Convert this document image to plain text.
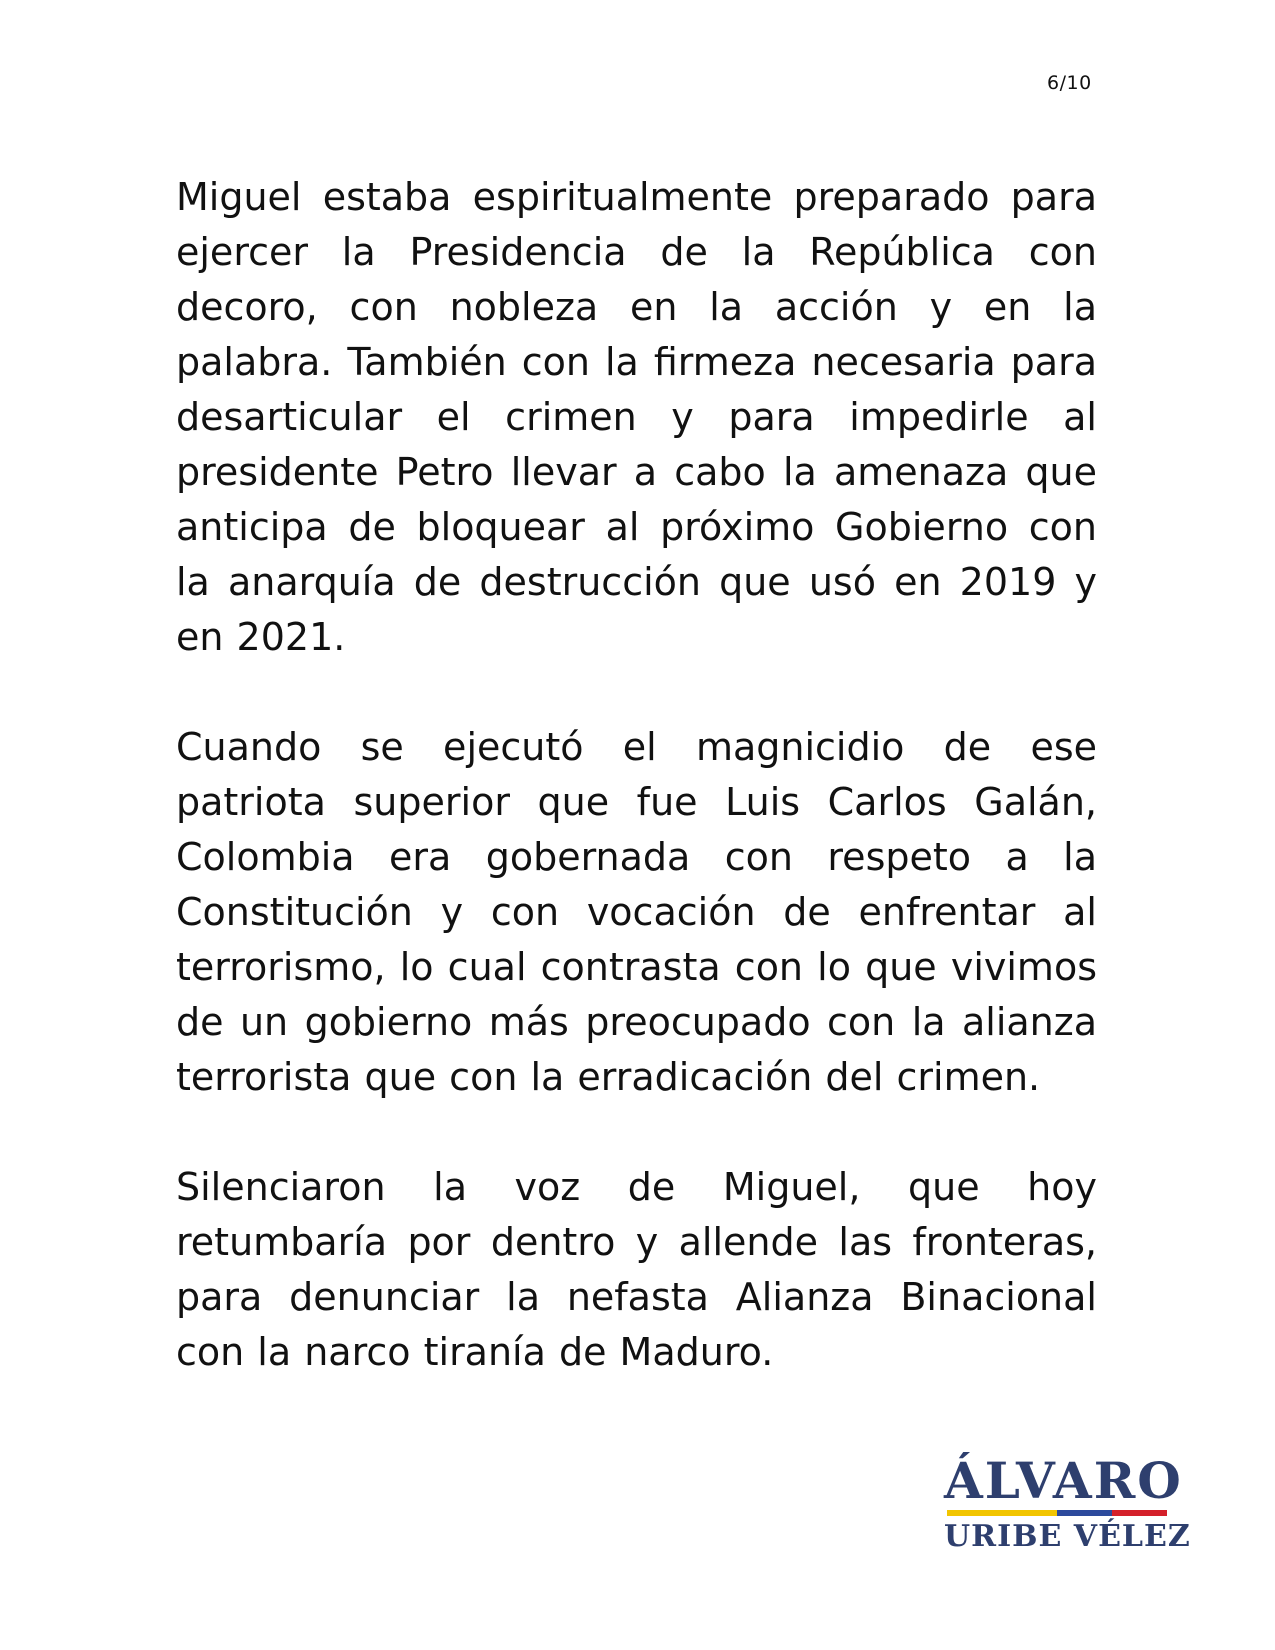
6/10

Miguel estaba espiritualmente preparado para ejercer la Presidencia de la República con decoro, con nobleza en la acción y en la palabra. También con la firmeza necesaria para desarticular el crimen y para impedirle al presidente Petro llevar a cabo la amenaza que anticipa de bloquear al próximo Gobierno con la anarquía de destrucción que usó en 2019 y en 2021.

Cuando se ejecutó el magnicidio de ese patriota superior que fue Luis Carlos Galán, Colombia era gobernada con respeto a la Constitución y con vocación de enfrentar al terrorismo, lo cual contrasta con lo que vivimos de un gobierno más preocupado con la alianza terrorista que con la erradicación del crimen.

Silenciaron la voz de Miguel, que hoy retumbaría por dentro y allende las fronteras, para denunciar la nefasta Alianza Binacional con la narco tiranía de Maduro.

ÁLVARO
URIBE VÉLEZ
